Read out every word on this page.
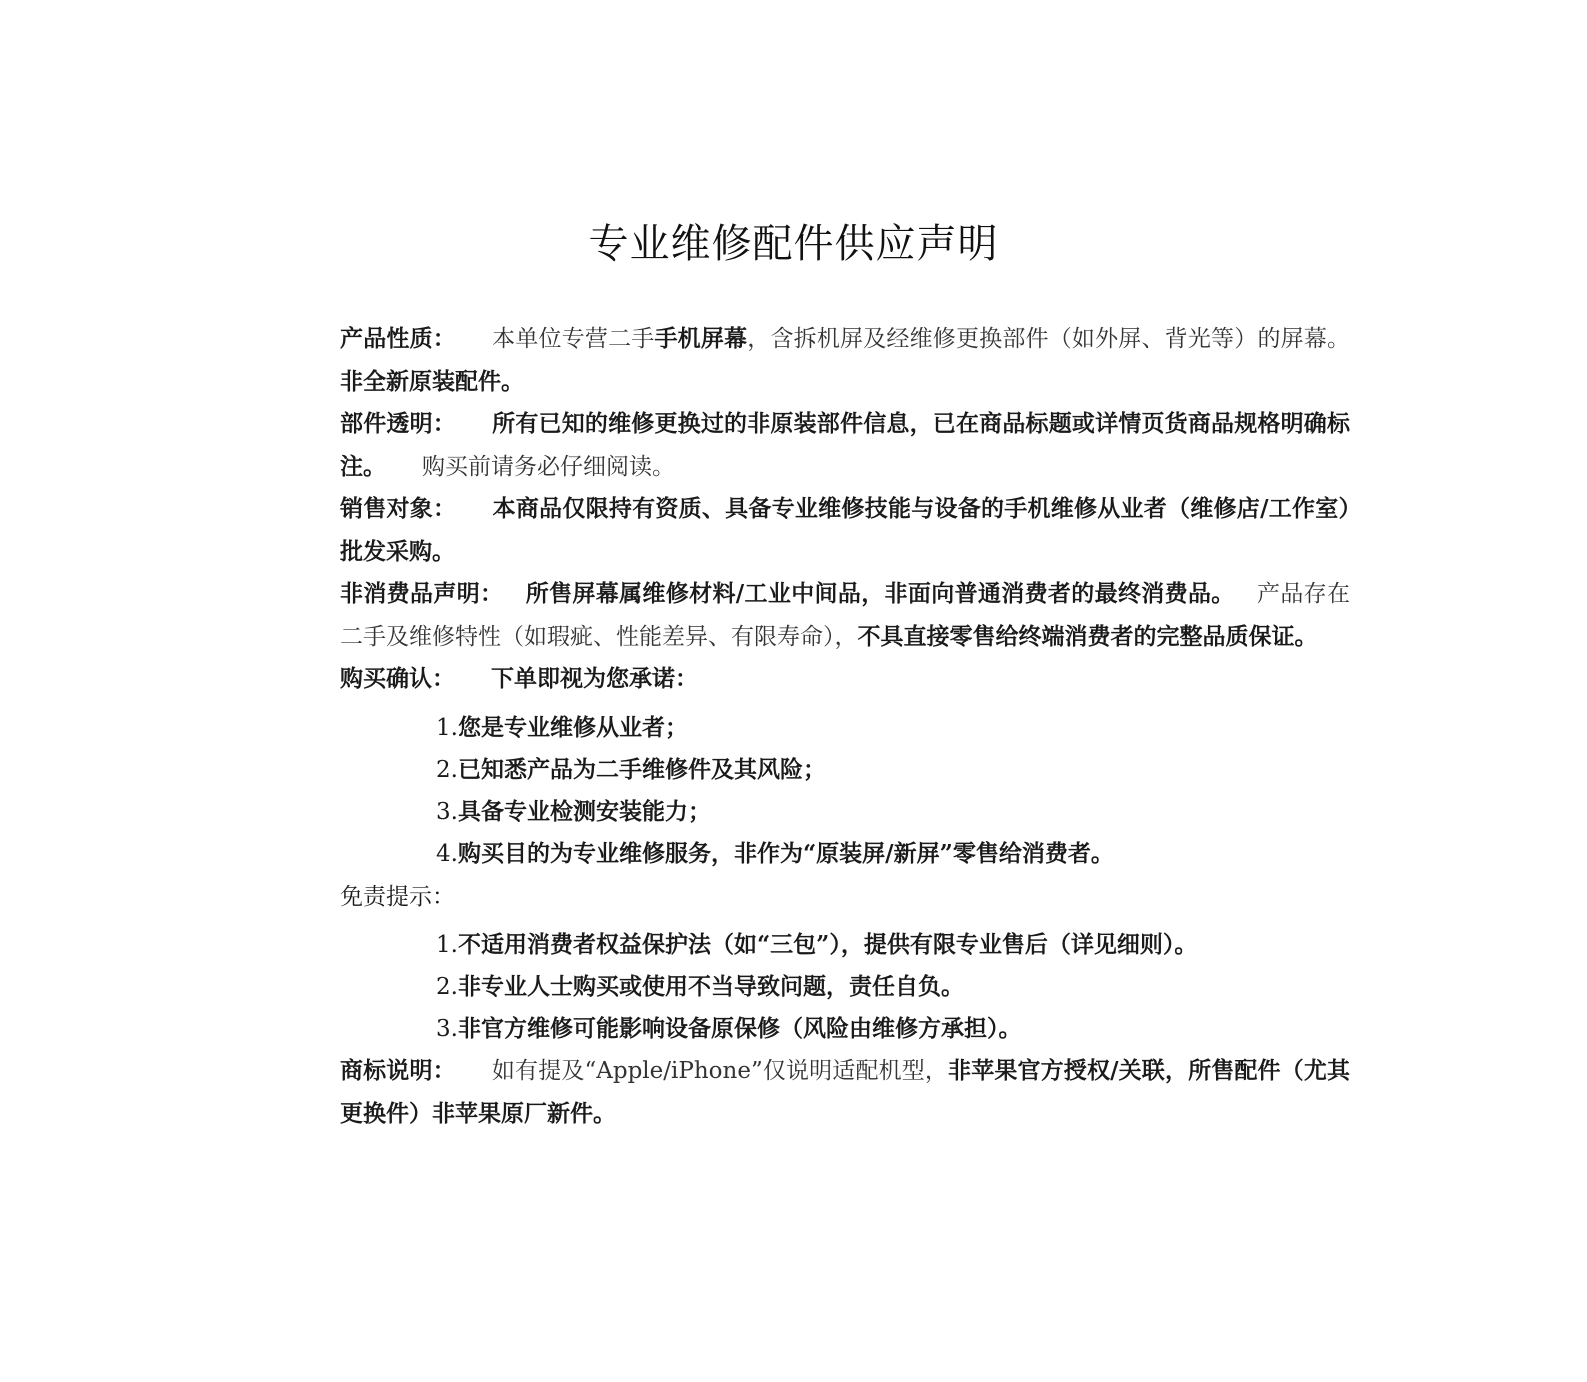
专业维修配件供应声明

产品性质： 本单位专营二手手机屏幕，含拆机屏及经维修更换部件（如外屏、背光等）的屏幕。非全新原装配件。

部件透明： 所有已知的维修更换过的非原装部件信息，已在商品标题或详情页货商品规格明确标注。 购买前请务必仔细阅读。

销售对象： 本商品仅限持有资质、具备专业维修技能与设备的手机维修从业者（维修店/工作室）批发采购。

非消费品声明： 所售屏幕属维修材料/工业中间品，非面向普通消费者的最终消费品。 产品存在二手及维修特性（如瑕疵、性能差异、有限寿命），不具直接零售给终端消费者的完整品质保证。

购买确认： 下单即视为您承诺：

1.您是专业维修从业者；
2.已知悉产品为二手维修件及其风险；
3.具备专业检测安装能力；
4.购买目的为专业维修服务，非作为“原装屏/新屏”零售给消费者。

免责提示：

1.不适用消费者权益保护法（如“三包”），提供有限专业售后（详见细则）。
2.非专业人士购买或使用不当导致问题，责任自负。
3.非官方维修可能影响设备原保修（风险由维修方承担）。

商标说明： 如有提及“Apple/iPhone”仅说明适配机型，非苹果官方授权/关联，所售配件（尤其更换件）非苹果原厂新件。
